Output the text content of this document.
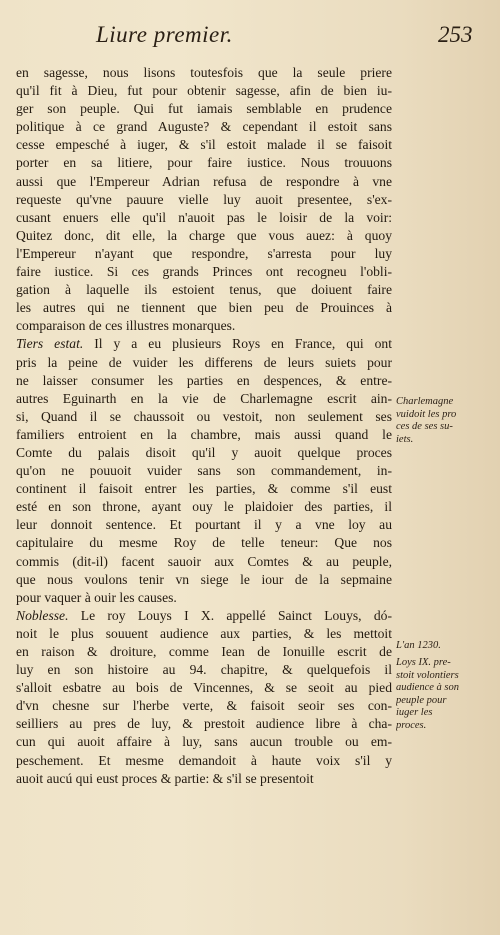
Liure premier.	253
en sagesse, nous lisons toutesfois que la seule priere
qu'il fit à Dieu, fut pour obtenir sagesse, afin de bien iu-
ger son peuple. Qui fut iamais semblable en prudence
politique à ce grand Auguste? & cependant il estoit sans
cesse empesché à iuger, & s'il estoit malade il se faisoit
porter en sa litiere, pour faire iustice. Nous trouuons
aussi que l'Empereur Adrian refusa de respondre à vne
requeste qu'vne pauure vielle luy auoit presentee, s'ex-
cusant enuers elle qu'il n'auoit pas le loisir de la voir:
Quitez donc, dit elle, la charge que vous auez: à quoy
l'Empereur n'ayant que respondre, s'arresta pour luy
faire iustice. Si ces grands Princes ont recogneu l'obli-
gation à laquelle ils estoient tenus, que doiuent faire
les autres qui ne tiennent que bien peu de Prouinces à
comparaison de ces illustres monarques.
Tiers estat. Il y a eu plusieurs Roys en France, qui ont
pris la peine de vuider les differens de leurs suiets pour
ne laisser consumer les parties en despences, & entre-
autres Eguinarth en la vie de Charlemagne escrit ain-
si, Quand il se chaussoit ou vestoit, non seulement ses
familiers entroient en la chambre, mais aussi quand le
Comte du palais disoit qu'il y auoit quelque proces
qu'on ne pouuoit vuider sans son commandement, in-
continent il faisoit entrer les parties, & comme s'il eust
esté en son throne, ayant ouy le plaidoier des parties, il
leur donnoit sentence. Et pourtant il y a vne loy au
capitulaire du mesme Roy de telle teneur: Que nos
commis (dit-il) facent sauoir aux Comtes & au peuple,
que nous voulons tenir vn siege le iour de la sepmaine
pour vaquer à ouir les causes.
Noblesse. Le roy Louys I X. appellé Sainct Louys, dó-
noit le plus souuent audience aux parties, & les mettoit
en raison & droiture, comme Iean de Ionuille escrit de
luy en son histoire au 94. chapitre, & quelquefois il
s'alloit esbatre au bois de Vincennes, & se seoit au pied
d'vn chesne sur l'herbe verte, & faisoit seoir ses con-
seilliers au pres de luy, & prestoit audience libre à cha-
cun qui auoit affaire à luy, sans aucun trouble ou em-
peschement. Et mesme demandoit à haute voix s'il y
auoit aucú qui eust proces & partie: & s'il se presentoit
Charlemagne
vuidoit les pro
ces de ses su-
iets.
L'an 1230.
Loys IX. pre-
stoit volontiers
audience à son
peuple pour
iuger les
proces.
